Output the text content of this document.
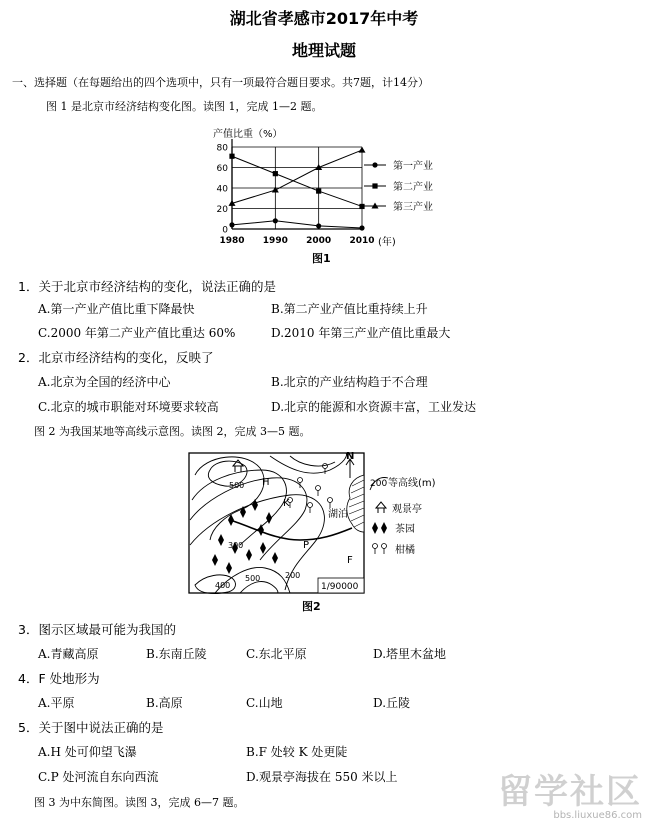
湖北省孝感市2017年中考
地理试题
一、选择题（在每题给出的四个选项中，只有一项最符合题目要求。共7题，计14分）
图 1 是北京市经济结构变化图。读图 1，完成 1—2 题。
0
20
40
60
80
1980 1990 2000 2010
第一产业
第二产业
第三产业
产值比重（%）
(年)
图1
1．关于北京市经济结构的变化，说法正确的是
A.第一产业产值比重下降最快	B.第二产业产值比重持续上升
C.2000 年第二产业产值比重达 60%	D.2010 年第三产业产值比重最大
2．北京市经济结构的变化，反映了
A.北京为全国的经济中心	B.北京的产业结构趋于不合理
C.北京的城市职能对环境要求较高	D.北京的能源和水资源丰富，工业发达
图 2 为我国某地等高线示意图。读图 2，完成 3—5 题。
N
H
K
P
F
湖泊
500
300
200
400
500
1/90000
200 等高线(m)
观景亭
茶园
柑橘
图2
3．图示区域最可能为我国的
A.青藏高原	B.东南丘陵	C.东北平原	D.塔里木盆地
4．F 处地形为
A.平原	B.高原	C.山地	D.丘陵
5．关于图中说法正确的是
A.H 处可仰望飞瀑	B.F 处较 K 处更陡
C.P 处河流自东向西流	D.观景亭海拔在 550 米以上
图 3 为中东简图。读图 3，完成 6—7 题。	留学社区
bbs.liuxue86.com
